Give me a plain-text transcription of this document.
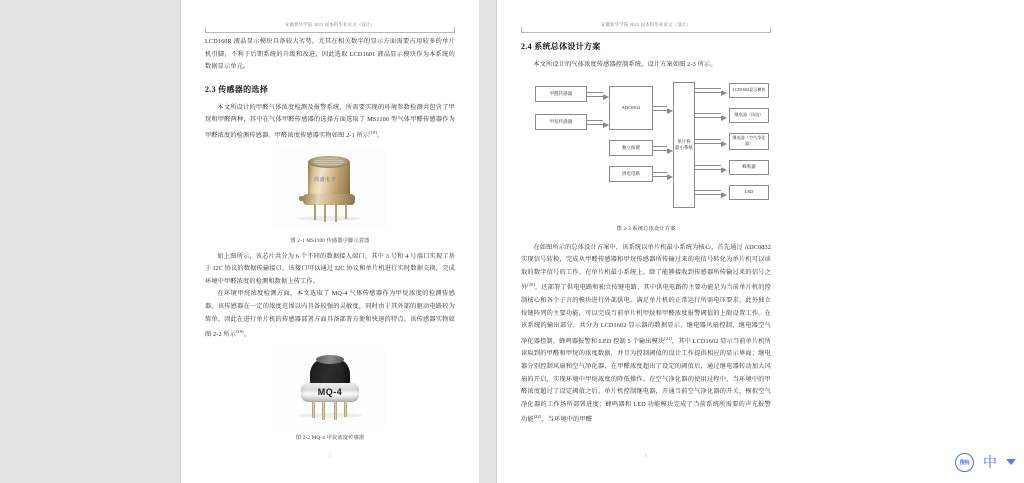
安徽新华学院 2022 届本科毕业论文（设计）

LCD160R 液晶显示模块具备较大劣势，尤其在相关数字的显示方面需要占用较多的单片机引脚，不利于后期系统的升级和改进，因此选取 LCD1601 液晶显示模块作为本系统的数据显示单元。

2.3 传感器的选择

本文所设计的甲醛气体浓度检测及报警系统，所需要实现的环境参数检测共包含了甲烷和甲醛两种，其中在气体甲醛传感器的选择方面选取了 MS1100 型气体甲醛传感器作为甲醛浓度的检测传感器。甲醛浓度传感器实物如图 2-1 所示[18]。

炜盛电子
图 2-1 MS1100 传感器引脚示意图

如上图所示，该芯片共分为 6 个不同的数据接入端口，其中 3 号和 4 号端口实现了基于 I2C 协议的数据传输接口，该接口可以通过 I2C 协议和单片机进行实时数据交换，完成环境中甲醛浓度的检测和数据上传工作。

在环境甲烷浓度检测方面，本文选取了 MQ-4 气体传感器作为甲烷浓度的检测传感器。该传感器在一定的浓度范围以内具备较强的灵敏度，同时由于其外部的驱动电路较为简单，因此在进行单片机的传感器部署方面具备部署方便和快速的特点。该传感器实物如图 2-2 所示[19]。

MQ-4
图 2-2 MQ-4 甲烷浓度传感器
5
安徽新华学院 2022 届本科毕业论文（设计）
2.4 系统总体设计方案

本文所设计的气体浓度传感器控制系统，设计方案如图 2-3 所示。

甲醛传感器
甲烷传感器
ADC0832
独立按键
供电电路
单片机
最小系统
LCD1602显示模块
继电器（风扇）
继电器（空气净化器）
蜂鸣器
LED
图 2-3 系统总体设计方案

在如图所示的总体设计方案中，该系统以单片机最小系统为核心，首先通过 ADC0832 实现信号转换，完成从甲醛传感器和甲烷传感器所传输过来的电信号转化为单片机可以读取的数字信号的工作。在单片机最小系统上，除了能够接收到传感器所传输过来的信号之外[20]，还部署了供电电路和独立按键电路，其中供电电路的主要功能是为当前单片机的控制核心和各个子言的模块进行外部供电，满足单片机的正常运行所需电压要求，此外独立按键阵列的主要功能，可以完成当前单片机甲烷和甲醛浓度报警阈值的上限设置工作。在该系统的输出部分，共分为 LCD1602 显示器的数据显示、继电器风扇控制、继电器空气净化器控制、蜂鸣器报警和 LED 控制 5 个输出模块[21]，其中 LCD1602 显示当前单片机所读取到的甲醛和甲烷的浓度数据，并且为控制阈值的设计工作提供相应的显示界面；继电器分别控制风扇和空气净化器，在甲醛浓度超出了设定的阈值后，通过继电器转动加大风扇的开启，实现环境中甲烷浓度的降低操作。在空气净化器的使用过程中，当环境中的甲醛浓度超过了设定阈值之后，单片机控制继电器，开通当前空气净化器的开关，模拟空气净化器的工作场所部署进度；蜂鸣器和 LED 功能模块完成了当前系统所需要的声光报警功能[22]，当环境中的甲醛

6
搜狗 中
